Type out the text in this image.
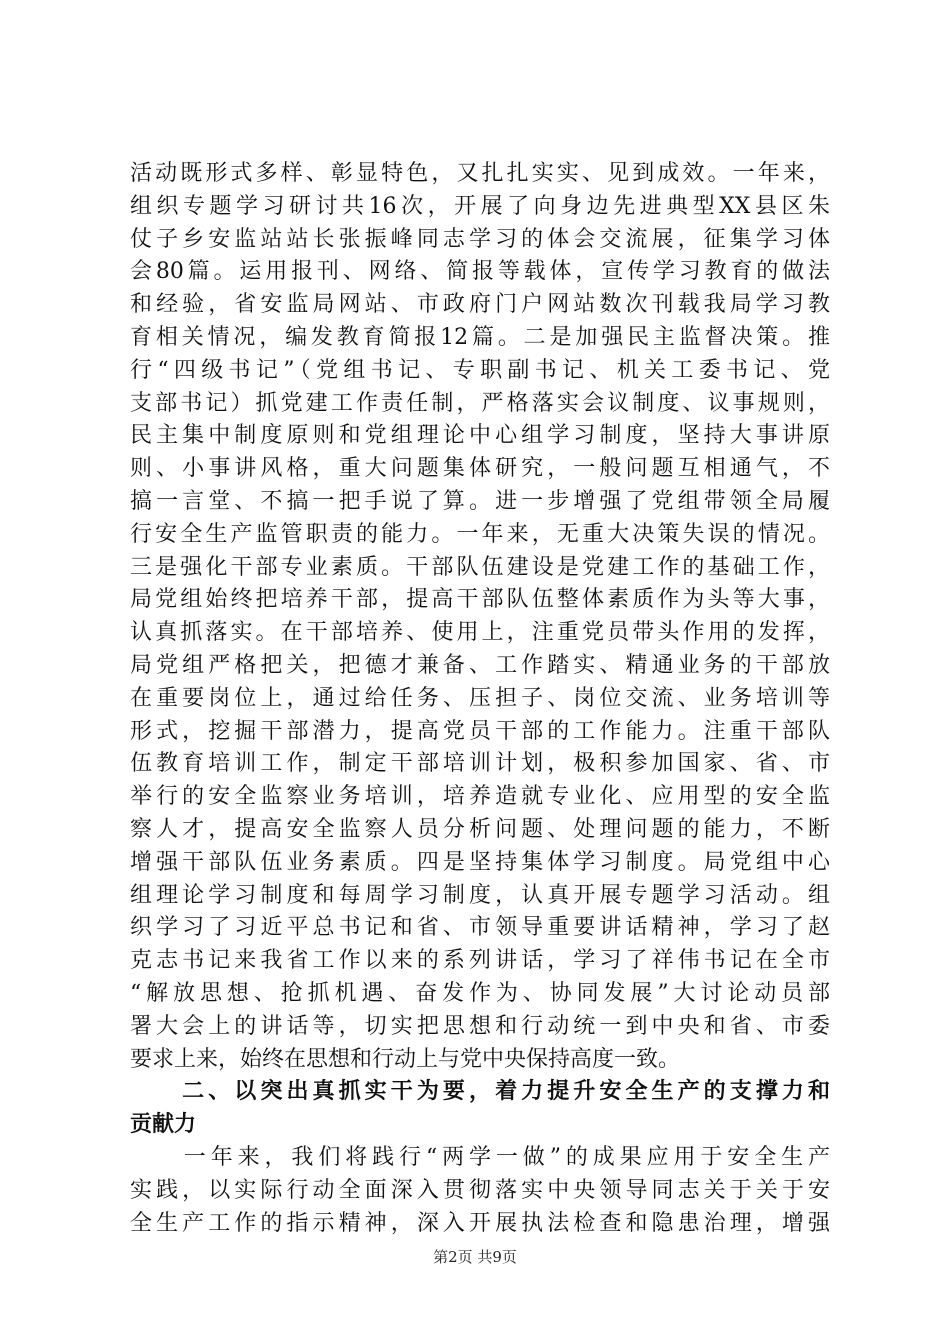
活动既形式多样、彰显特色，又扎扎实实、见到成效。一年来，
组织专题学习研讨共16次，开展了向身边先进典型XX县区朱
仗子乡安监站站长张振峰同志学习的体会交流展，征集学习体
会80篇。运用报刊、网络、简报等载体，宣传学习教育的做法
和经验，省安监局网站、市政府门户网站数次刊载我局学习教
育相关情况，编发教育简报12篇。二是加强民主监督决策。推
行“四级书记”（党组书记、专职副书记、机关工委书记、党
支部书记）抓党建工作责任制，严格落实会议制度、议事规则，
民主集中制度原则和党组理论中心组学习制度，坚持大事讲原
则、小事讲风格，重大问题集体研究，一般问题互相通气，不
搞一言堂、不搞一把手说了算。进一步增强了党组带领全局履
行安全生产监管职责的能力。一年来，无重大决策失误的情况。
三是强化干部专业素质。干部队伍建设是党建工作的基础工作，
局党组始终把培养干部，提高干部队伍整体素质作为头等大事，
认真抓落实。在干部培养、使用上，注重党员带头作用的发挥，
局党组严格把关，把德才兼备、工作踏实、精通业务的干部放
在重要岗位上，通过给任务、压担子、岗位交流、业务培训等
形式，挖掘干部潜力，提高党员干部的工作能力。注重干部队
伍教育培训工作，制定干部培训计划，极积参加国家、省、市
举行的安全监察业务培训，培养造就专业化、应用型的安全监
察人才，提高安全监察人员分析问题、处理问题的能力，不断
增强干部队伍业务素质。四是坚持集体学习制度。局党组中心
组理论学习制度和每周学习制度，认真开展专题学习活动。组
织学习了习近平总书记和省、市领导重要讲话精神，学习了赵
克志书记来我省工作以来的系列讲话，学习了祥伟书记在全市
“解放思想、抢抓机遇、奋发作为、协同发展”大讨论动员部
署大会上的讲话等，切实把思想和行动统一到中央和省、市委
要求上来，始终在思想和行动上与党中央保持高度一致。
　　二、以突出真抓实干为要，着力提升安全生产的支撑力和
贡献力
　　一年来，我们将践行“两学一做”的成果应用于安全生产
实践，以实际行动全面深入贯彻落实中央领导同志关于关于安
全生产工作的指示精神，深入开展执法检查和隐患治理，增强
第2页 共9页
